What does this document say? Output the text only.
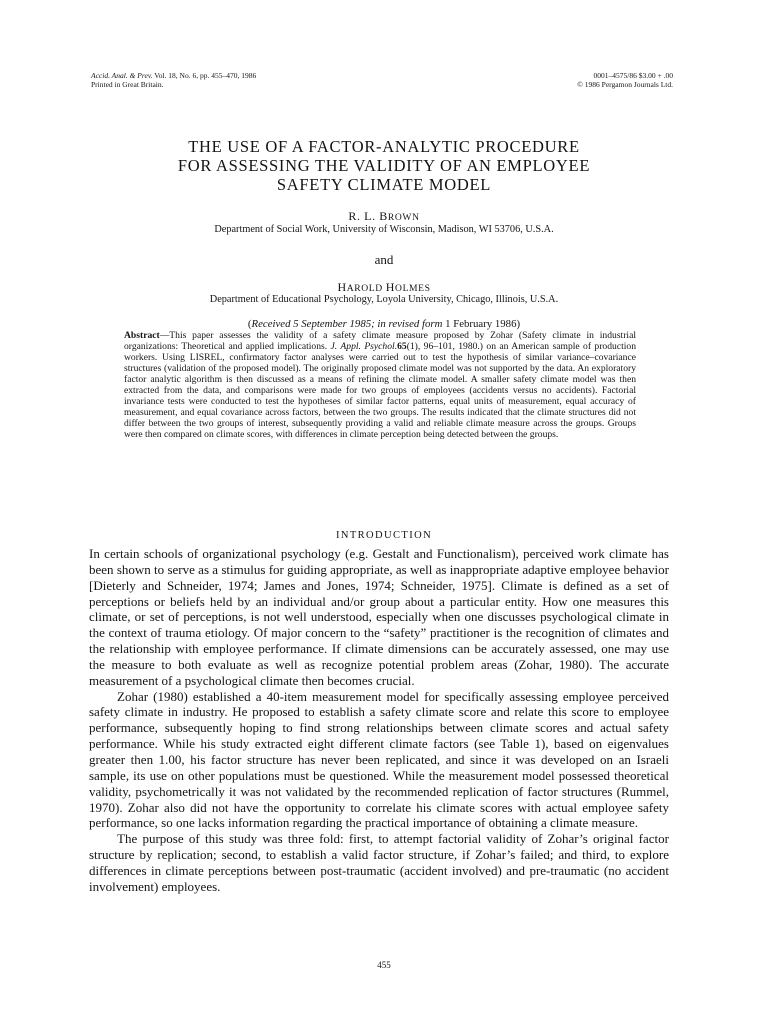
Accid. Anal. & Prev. Vol. 18, No. 6, pp. 455–470, 1986
Printed in Great Britain.
0001–4575/86 $3.00 + .00
© 1986 Pergamon Journals Ltd.
THE USE OF A FACTOR-ANALYTIC PROCEDURE
FOR ASSESSING THE VALIDITY OF AN EMPLOYEE
SAFETY CLIMATE MODEL
R. L. BROWN
Department of Social Work, University of Wisconsin, Madison, WI 53706, U.S.A.
and
HAROLD HOLMES
Department of Educational Psychology, Loyola University, Chicago, Illinois, U.S.A.
(Received 5 September 1985; in revised form 1 February 1986)
Abstract—This paper assesses the validity of a safety climate measure proposed by Zohar (Safety climate in industrial organizations: Theoretical and applied implications. J. Appl. Psychol.65(1), 96–101, 1980.) on an American sample of production workers. Using LISREL, confirmatory factor analyses were carried out to test the hypothesis of similar variance–covariance structures (validation of the proposed model). The originally proposed climate model was not supported by the data. An exploratory factor analytic algorithm is then discussed as a means of refining the climate model. A smaller safety climate model was then extracted from the data, and comparisons were made for two groups of employees (accidents versus no accidents). Factorial invariance tests were conducted to test the hypotheses of similar factor patterns, equal units of measurement, equal accuracy of measurement, and equal covariance across factors, between the two groups. The results indicated that the climate structures did not differ between the two groups of interest, subsequently providing a valid and reliable climate measure across the groups. Groups were then compared on climate scores, with differences in climate perception being detected between the groups.
INTRODUCTION

In certain schools of organizational psychology (e.g. Gestalt and Functionalism), perceived work climate has been shown to serve as a stimulus for guiding appropriate, as well as inappropriate adaptive employee behavior [Dieterly and Schneider, 1974; James and Jones, 1974; Schneider, 1975]. Climate is defined as a set of perceptions or beliefs held by an individual and/or group about a particular entity. How one measures this climate, or set of perceptions, is not well understood, especially when one discusses psychological climate in the context of trauma etiology. Of major concern to the “safety” practitioner is the recognition of climates and the relationship with employee performance. If climate dimensions can be accurately assessed, one may use the measure to both evaluate as well as recognize potential problem areas (Zohar, 1980). The accurate measurement of a psychological climate then becomes crucial.

Zohar (1980) established a 40-item measurement model for specifically assessing employee perceived safety climate in industry. He proposed to establish a safety climate score and relate this score to employee performance, subsequently hoping to find strong relationships between climate scores and actual safety performance. While his study extracted eight different climate factors (see Table 1), based on eigenvalues greater then 1.00, his factor structure has never been replicated, and since it was developed on an Israeli sample, its use on other populations must be questioned. While the measurement model possessed theoretical validity, psychometrically it was not validated by the recommended replication of factor structures (Rummel, 1970). Zohar also did not have the opportunity to correlate his climate scores with actual employee safety performance, so one lacks information regarding the practical importance of obtaining a climate measure.

The purpose of this study was three fold: first, to attempt factorial validity of Zohar’s original factor structure by replication; second, to establish a valid factor structure, if Zohar’s failed; and third, to explore differences in climate perceptions between post-traumatic (accident involved) and pre-traumatic (no accident involvement) employees.

455
